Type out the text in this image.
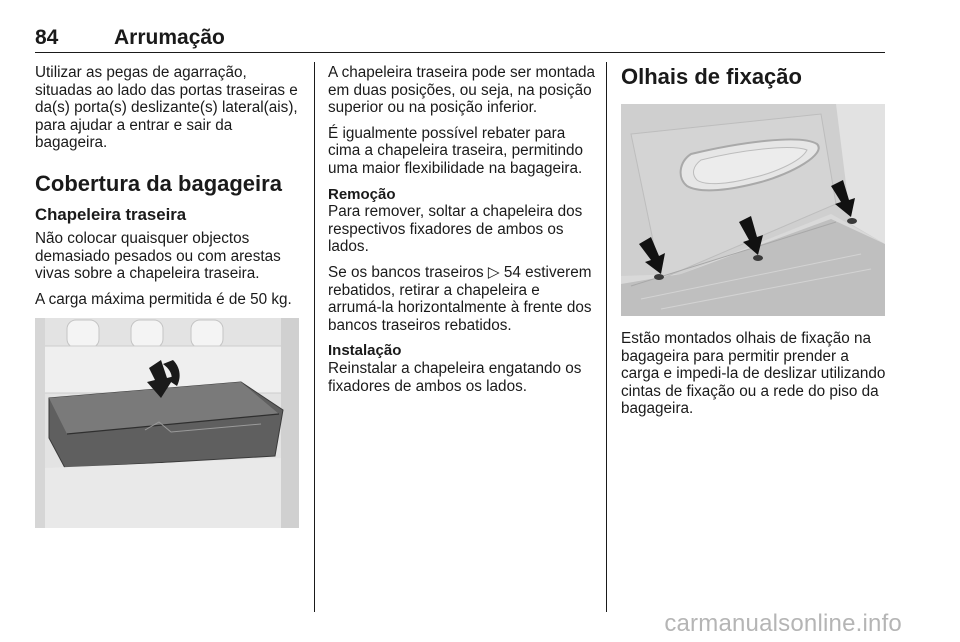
84	Arrumação

Utilizar as pegas de agarração, situadas ao lado das portas traseiras e da(s) porta(s) deslizante(s) lateral(ais), para ajudar a entrar e sair da bagageira.

Cobertura da bagageira
Chapeleira traseira

Não colocar quaisquer objectos demasiado pesados ou com arestas vivas sobre a chapeleira traseira.

A carga máxima permitida é de 50 kg.

A chapeleira traseira pode ser montada em duas posições, ou seja, na posição superior ou na posição inferior.

É igualmente possível rebater para cima a chapeleira traseira, permitindo uma maior flexibilidade na bagageira.

Remoção

Para remover, soltar a chapeleira dos respectivos fixadores de ambos os lados.

Se os bancos traseiros ▷ 54 estiverem rebatidos, retirar a chapeleira e arrumá-la horizontalmente à frente dos bancos traseiros rebatidos.

Instalação

Reinstalar a chapeleira engatando os fixadores de ambos os lados.

Olhais de fixação

Estão montados olhais de fixação na bagageira para permitir prender a carga e impedi-la de deslizar utilizando cintas de fixação ou a rede do piso da bagageira.

carmanualsonline.info
